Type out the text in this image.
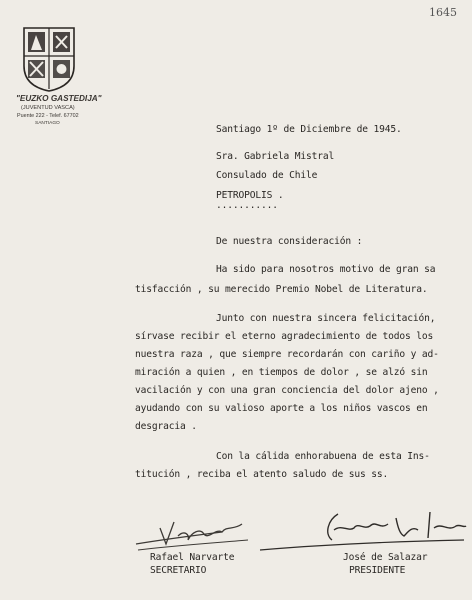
1645
"EUZKO GASTEDIJA"
(JUVENTUD VASCA)
Puente 222 - Telef. 67702
SANTIAGO
Santiago 1º de Diciembre de 1945.
Sra. Gabriela Mistral
Consulado de Chile
PETROPOLIS .
...........
De nuestra consideración :
Ha sido para nosotros motivo de gran sa
tisfacción , su merecido Premio Nobel de Literatura.
Junto con nuestra sincera felicitación,
sírvase recibir el eterno agradecimiento de todos los
nuestra raza , que siempre recordarán con cariño y ad-
miración a quien , en tiempos de dolor , se alzó sin
vacilación y con una gran conciencia del dolor ajeno ,
ayudando con su valioso aporte a los niños vascos en
desgracia .
Con la cálida enhorabuena de esta Ins-
titución , reciba el atento saludo de sus ss.
Rafael Narvarte
SECRETARIO
José de Salazar
PRESIDENTE
